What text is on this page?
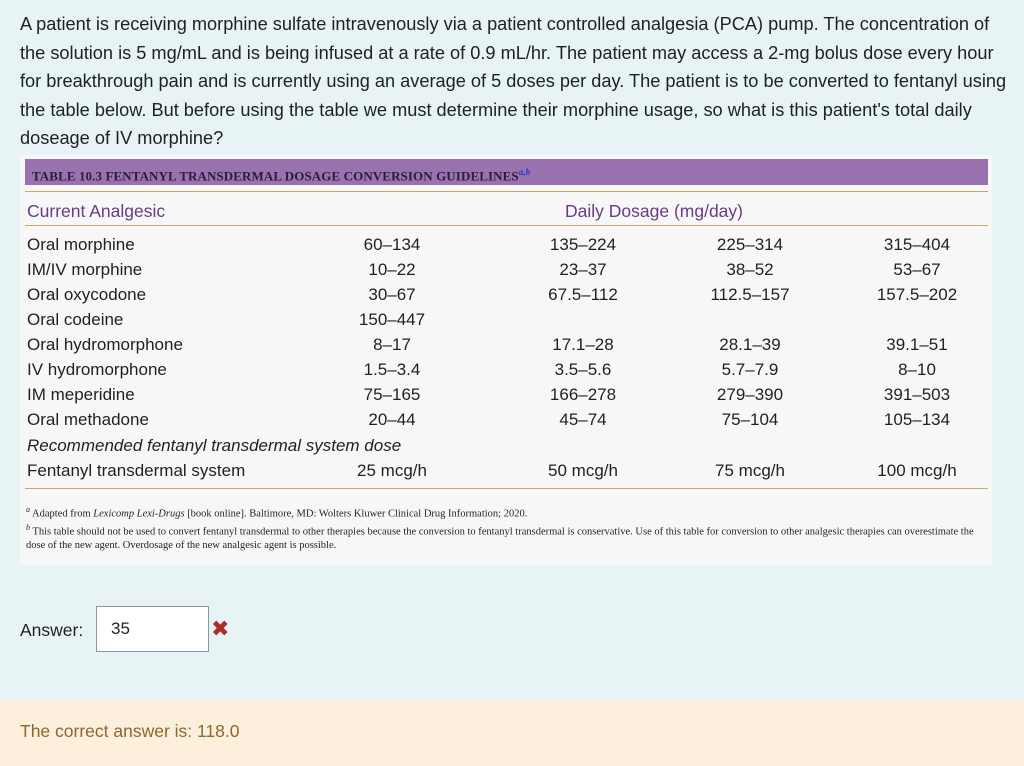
A patient is receiving morphine sulfate intravenously via a patient controlled analgesia (PCA) pump. The concentration of the solution is 5 mg/mL and is being infused at a rate of 0.9 mL/hr. The patient may access a 2-mg bolus dose every hour for breakthrough pain and is currently using an average of 5 doses per day. The patient is to be converted to fentanyl using the table below. But before using the table we must determine their morphine usage, so what is this patient's total daily doseage of IV morphine?

TABLE 10.3 FENTANYL TRANSDERMAL DOSAGE CONVERSION GUIDELINES$^{a,b}$
Current Analgesic	Daily Dosage (mg/day)
Oral morphine	60–134	135–224	225–314	315–404
IM/IV morphine	10–22	23–37	38–52	53–67
Oral oxycodone	30–67	67.5–112	112.5–157	157.5–202
Oral codeine	150–447
Oral hydromorphone	8–17	17.1–28	28.1–39	39.1–51
IV hydromorphone	1.5–3.4	3.5–5.6	5.7–7.9	8–10
IM meperidine	75–165	166–278	279–390	391–503
Oral methadone	20–44	45–74	75–104	105–134
Recommended fentanyl transdermal system dose
Fentanyl transdermal system	25 mcg/h	50 mcg/h	75 mcg/h	100 mcg/h
$^a$ Adapted from Lexicomp Lexi-Drugs [book online]. Baltimore, MD: Wolters Kluwer Clinical Drug Information; 2020.
$^b$ This table should not be used to convert fentanyl transdermal to other therapies because the conversion to fentanyl transdermal is conservative. Use of this table for conversion to other analgesic therapies can overestimate the dose of the new agent. Overdosage of the new analgesic agent is possible.
Answer:
35	✖
The correct answer is: 118.0
